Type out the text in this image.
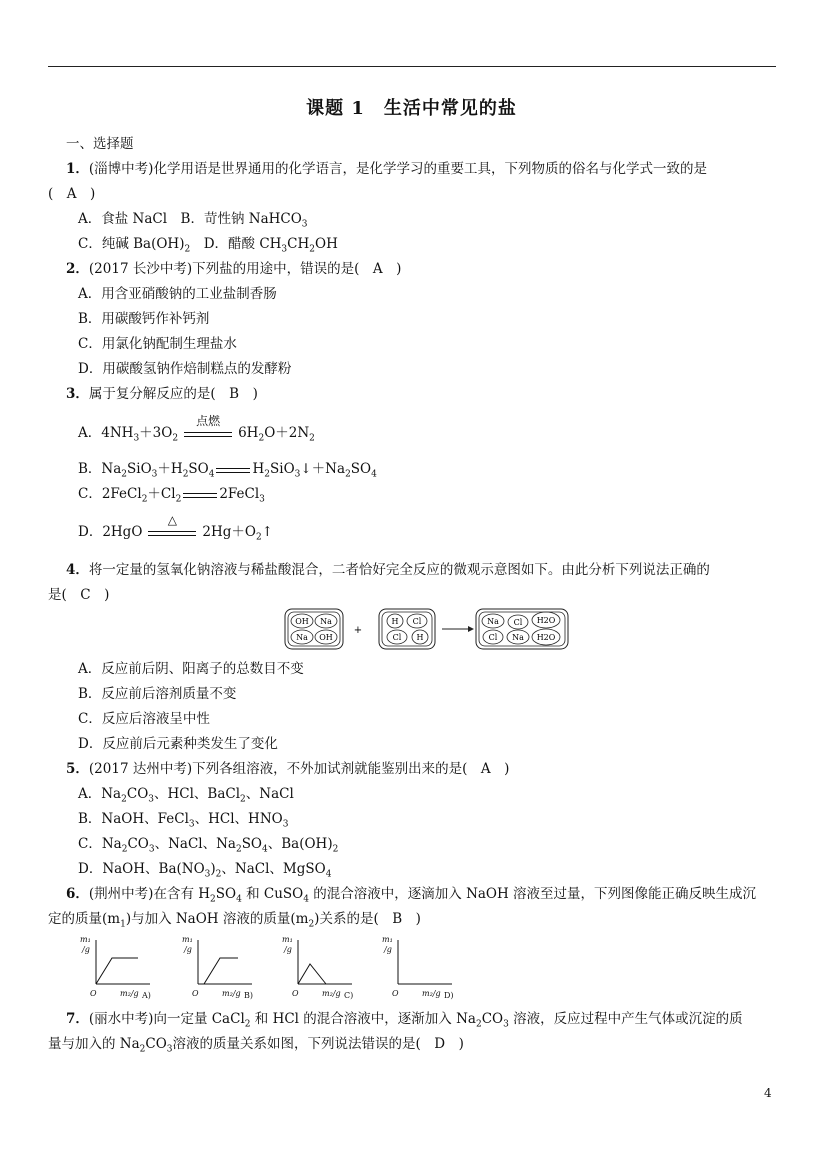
课题 1　生活中常见的盐
一、选择题
1．(淄博中考)化学用语是世界通用的化学语言，是化学学习的重要工具，下列物质的俗名与化学式一致的是
(　A　)
A．食盐 NaCl　B．苛性钠 NaHCO$_3$
C．纯碱 $Ba(OH)_2$　D．醋酸 $CH_3CH_2OH$
2．(2017 长沙中考)下列盐的用途中，错误的是(　A　)
A．用含亚硝酸钠的工业盐制香肠
B．用碳酸钙作补钙剂
C．用氯化钠配制生理盐水
D．用碳酸氢钠作焙制糕点的发酵粉
3．属于复分解反应的是(　B　)
A．$4NH_3+3O_2$
点燃
$6H_2O+2N_2$
B．$Na_2SiO_3+H_2SO_4$	$H_2SiO_3↓+Na_2SO_4$
C．$2FeCl_2+Cl_2$	2FeCl$_3$
D．2HgO
△
$2Hg+O_2↑$
4．将一定量的氢氧化钠溶液与稀盐酸混合，二者恰好完全反应的微观示意图如下。由此分析下列说法正确的
是(　C　)
OH Na
Na OH
+
H Cl
Cl H
Na Cl H2O
Cl Na H2O
A．反应前后阴、阳离子的总数目不变
B．反应前后溶剂质量不变
C．反应后溶液呈中性
D．反应前后元素种类发生了变化
5．(2017 达州中考)下列各组溶液，不外加试剂就能鉴别出来的是(　A　)
A．$Na_2CO_3$、HCl、BaCl$_2$、NaCl
B．NaOH、FeCl$_3$、HCl、$HNO_3$
C．$Na_2CO_3$、NaCl、$Na_2SO_4$、$Ba(OH)_2$
D．NaOH、$Ba(NO_3)_2$、NaCl、MgSO$_4$
6．(荆州中考)在含有 $H_2SO_4$ 和 CuSO$_4$ 的混合溶液中，逐滴加入 NaOH 溶液至过量，下列图像能正确反映生成沉
定的质量$(m_1)$与加入 NaOH 溶液的质量$(m_2)$关系的是(　B　)
m₁
/g
O	m₂/g A)
m₁
/g
O	m₂/g B)
m₁
/g
O	m₂/g C)
m₁
/g
O	m₂/g D)
7．(丽水中考)向一定量 CaCl$_2$ 和 HCl 的混合溶液中，逐渐加入 $Na_2CO_3$ 溶液，反应过程中产生气体或沉淀的质
量与加入的 $Na_2CO_3$溶液的质量关系如图，下列说法错误的是(　D　)
4
